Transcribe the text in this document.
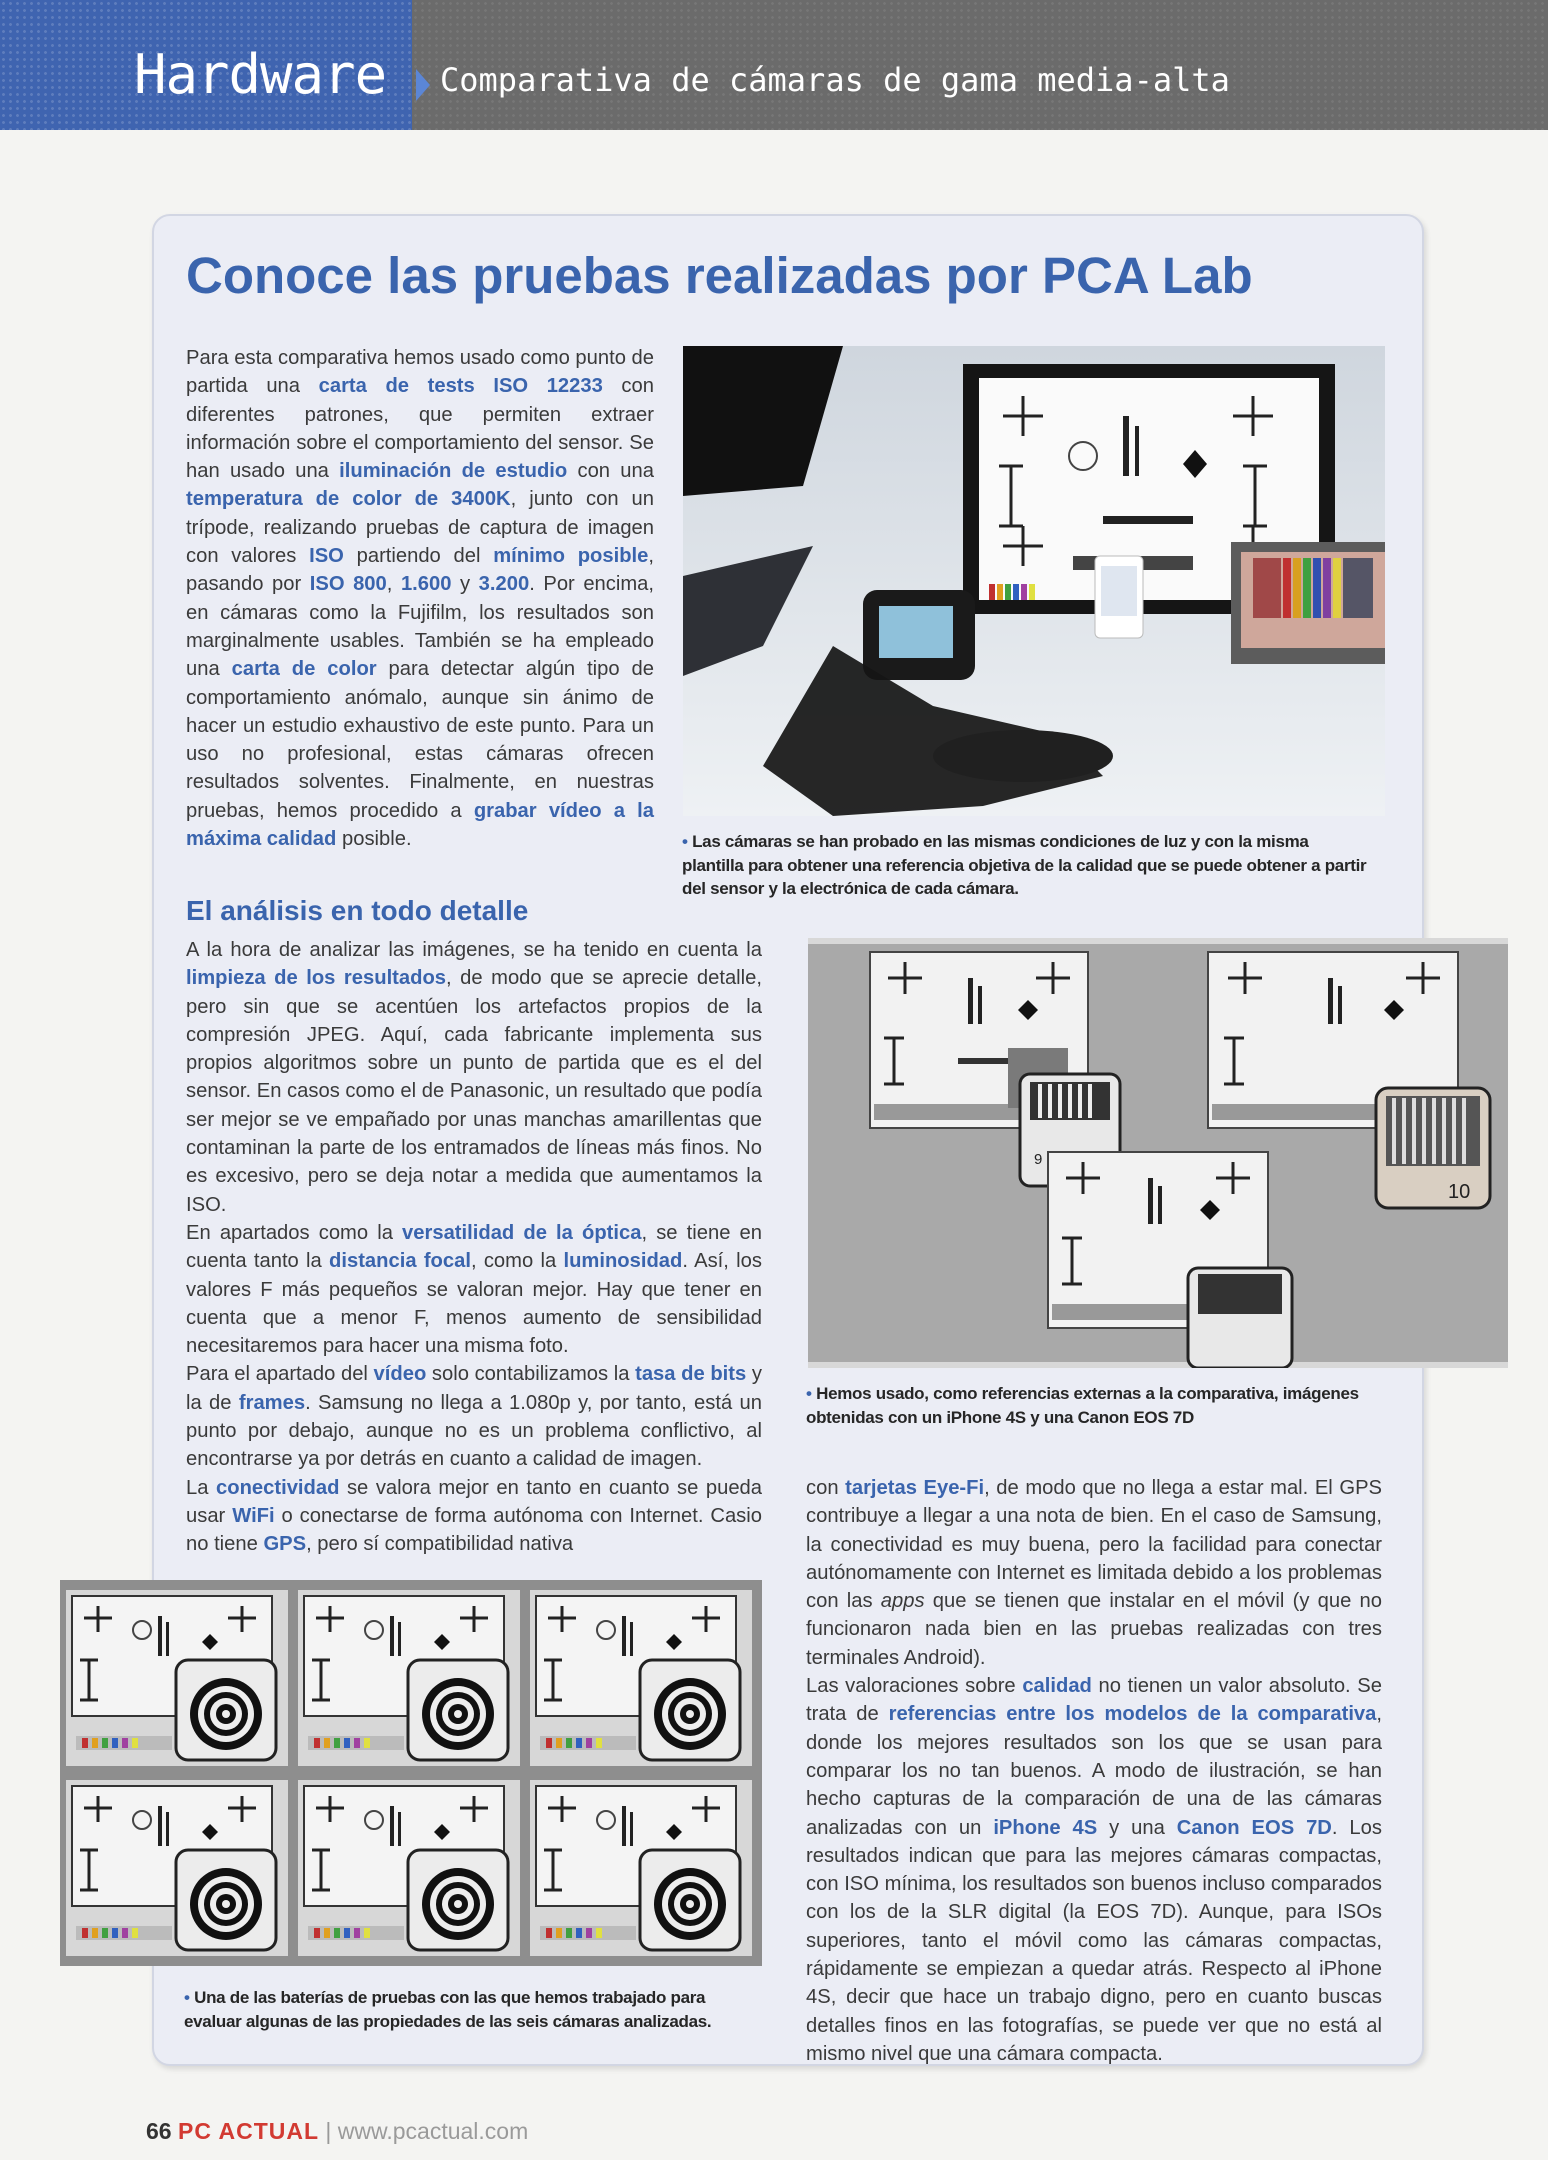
Hardware Comparativa de cámaras de gama media-alta
Conoce las pruebas realizadas por PCA Lab

Para esta comparativa hemos usado como punto de partida una carta de tests ISO 12233 con diferentes patrones, que permiten extraer información sobre el comportamiento del sensor. Se han usado una iluminación de estudio con una temperatura de color de 3400K, junto con un trípode, realizando pruebas de captura de imagen con valores ISO partiendo del mínimo posible, pasando por ISO 800, 1.600 y 3.200. Por encima, en cámaras como la Fujifilm, los resultados son marginalmente usables. También se ha empleado una carta de color para detectar algún tipo de comportamiento anómalo, aunque sin ánimo de hacer un estudio exhaustivo de este punto. Para un uso no profesional, estas cámaras ofrecen resultados solventes. Finalmente, en nuestras pruebas, hemos procedido a grabar vídeo a la máxima calidad posible.	• Las cámaras se han probado en las mismas condiciones de luz y con la misma plantilla para obtener una referencia objetiva de la calidad que se puede obtener a partir del sensor y la electrónica de cada cámara.
El análisis en todo detalle

A la hora de analizar las imágenes, se ha tenido en cuenta la limpieza de los resultados, de modo que se aprecie detalle, pero sin que se acentúen los artefactos propios de la compresión JPEG. Aquí, cada fabricante implementa sus propios algoritmos sobre un punto de partida que es el del sensor. En casos como el de Panasonic, un resultado que podía ser mejor se ve empañado por unas manchas amarillentas que contaminan la parte de los entramados de líneas más finos. No es excesivo, pero se deja notar a medida que aumentamos la ISO.

En apartados como la versatilidad de la óptica, se tiene en cuenta tanto la distancia focal, como la luminosidad. Así, los valores F más pequeños se valoran mejor. Hay que tener en cuenta que a menor F, menos aumento de sensibilidad necesitaremos para hacer una misma foto.

Para el apartado del vídeo solo contabilizamos la tasa de bits y la de frames. Samsung no llega a 1.080p y, por tanto, está un punto por debajo, aunque no es un problema conflictivo, al encontrarse ya por detrás en cuanto a calidad de imagen.

La conectividad se valora mejor en tanto en cuanto se pueda usar WiFi o conectarse de forma autónoma con Internet. Casio no tiene GPS, pero sí compatibilidad nativa

9
10
• Hemos usado, como referencias externas a la comparativa, imágenes obtenidas con un iPhone 4S y una Canon EOS 7D

con tarjetas Eye-Fi, de modo que no llega a estar mal. El GPS contribuye a llegar a una nota de bien. En el caso de Samsung, la conectividad es muy buena, pero la facilidad para conectar autónomamente con Internet es limitada debido a los problemas con las apps que se tienen que instalar en el móvil (y que no funcionaron nada bien en las pruebas realizadas con tres terminales Android).

Las valoraciones sobre calidad no tienen un valor absoluto. Se trata de referencias entre los modelos de la comparativa, donde los mejores resultados son los que se usan para comparar los no tan buenos. A modo de ilustración, se han hecho capturas de la comparación de una de las cámaras analizadas con un iPhone 4S y una Canon EOS 7D. Los resultados indican que para las mejores cámaras compactas, con ISO mínima, los resultados son buenos incluso comparados con los de la SLR digital (la EOS 7D). Aunque, para ISOs superiores, tanto el móvil como las cámaras compactas, rápidamente se empiezan a quedar atrás. Respecto al iPhone 4S, decir que hace un trabajo digno, pero en cuanto buscas detalles finos en las fotografías, se puede ver que no está al mismo nivel que una cámara compacta.

• Una de las baterías de pruebas con las que hemos trabajado para evaluar algunas de las propiedades de las seis cámaras analizadas.
66 PC ACTUAL | www.pcactual.com
